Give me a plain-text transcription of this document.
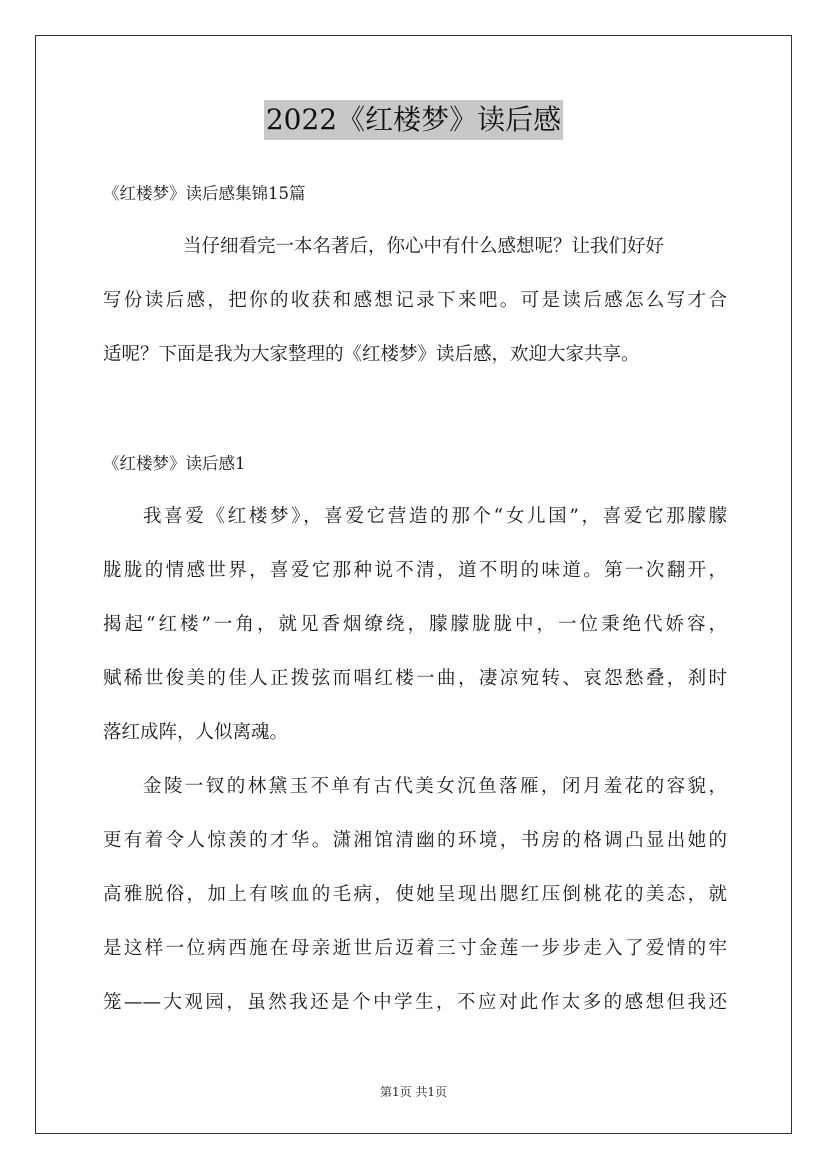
2022《红楼梦》读后感
《红楼梦》读后感集锦15篇
当仔细看完一本名著后，你心中有什么感想呢？让我们好好
写份读后感，把你的收获和感想记录下来吧。可是读后感怎么写才合
适呢？下面是我为大家整理的《红楼梦》读后感，欢迎大家共享。
《红楼梦》读后感1
我喜爱《红楼梦》，喜爱它营造的那个“女儿国”，喜爱它那朦朦
胧胧的情感世界，喜爱它那种说不清，道不明的味道。第一次翻开，
揭起“红楼”一角，就见香烟缭绕，朦朦胧胧中，一位秉绝代娇容，
赋稀世俊美的佳人正拨弦而唱红楼一曲，凄凉宛转、哀怨愁叠，刹时
落红成阵，人似离魂。
金陵一钗的林黛玉不单有古代美女沉鱼落雁，闭月羞花的容貌，
更有着令人惊羡的才华。潇湘馆清幽的环境，书房的格调凸显出她的
高雅脱俗，加上有咳血的毛病，使她呈现出腮红压倒桃花的美态，就
是这样一位病西施在母亲逝世后迈着三寸金莲一步步走入了爱情的牢
笼——大观园，虽然我还是个中学生，不应对此作太多的感想但我还
第1页 共1页
